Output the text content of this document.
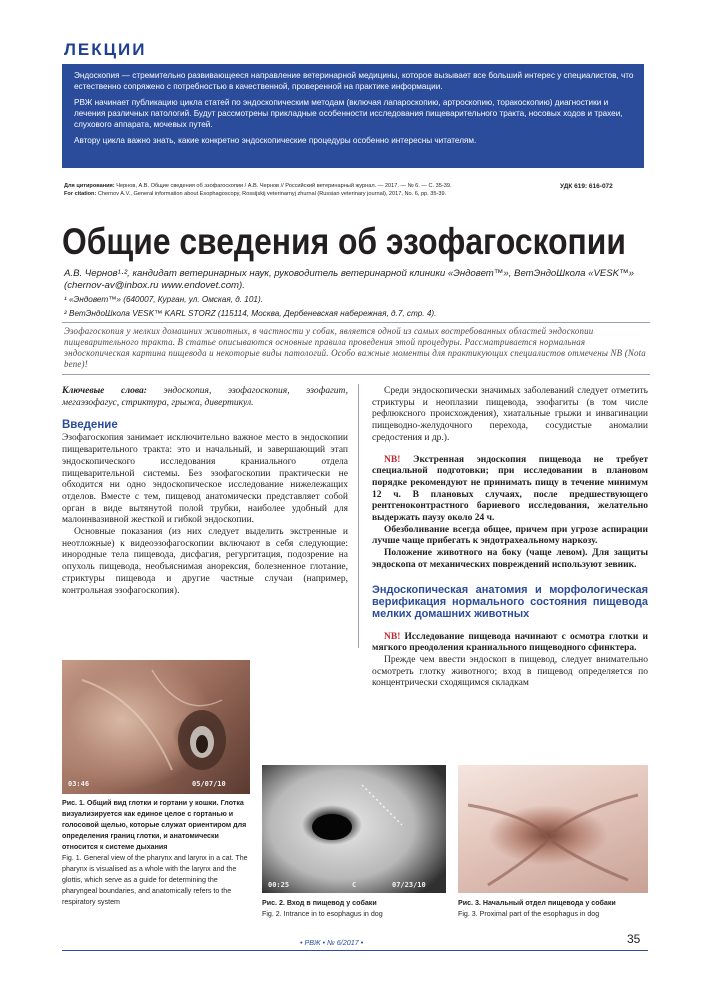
ЛЕКЦИИ

Эндоскопия — стремительно развивающееся направление ветеринарной медицины, которое вызывает все больший интерес у специалистов, что естественно сопряжено с потребностью в качественной, проверенной на практике информации.

РВЖ начинает публикацию цикла статей по эндоскопическим методам (включая лапароскопию, артроскопию, торакоскопию) диагностики и лечения различных патологий. Будут рассмотрены прикладные особенности исследования пищеварительного тракта, носовых ходов и трахеи, слухового аппарата, мочевых путей.

Автору цикла важно знать, какие конкретно эндоскопические процедуры особенно интересны читателям.

Для цитирования: Чернов, А.В. Общие сведения об эзофагоскопии / А.В. Чернов // Российский ветеринарный журнал. — 2017. — № 6. — С. 35-39.
For citation: Chernov A.V., General information about Esophagoscopy, Rossijskij veterinarnyj zhurnal (Russian veterinary journal), 2017, No. 6, pp. 35-39.
УДК 619: 616-072
Общие сведения об эзофагоскопии

А.В. Чернов¹·², кандидат ветеринарных наук, руководитель ветеринарной клиники «Эндовет™», ВетЭндоШкола «VESK™» (chernov-av@inbox.ru www.endovet.com).

¹ «Эндовет™» (640007, Курган, ул. Омская, д. 101).

² ВетЭндоШкола VESK™ KARL STORZ (115114, Москва, Дербеневская набережная, д.7, стр. 4).

Эзофагоскопия у мелких домашних животных, в частности у собак, является одной из самых востребованных областей эндоскопии пищеварительного тракта. В статье описываются основные правила проведения этой процедуры. Рассматривается нормальная эндоскопическая картина пищевода и некоторые виды патологий. Особо важные моменты для практикующих специалистов отмечены NB (Nota bene)!

Ключевые слова: эндоскопия, эзофагоскопия, эзофагит, мегаэзофагус, стриктура, грыжа, дивертикул.

Введение

Эзофагоскопия занимает исключительно важное место в эндоскопии пищеварительного тракта: это и начальный, и завершающий этап эндоскопического исследования краниального отдела пищеварительной системы. Без эзофагоскопии практически не обходится ни одно эндоскопическое исследование нижележащих отделов. Вместе с тем, пищевод анатомически представляет собой орган в виде вытянутой полой трубки, наиболее удобный для малоинвазивной жесткой и гибкой эндоскопии.

Основные показания (из них следует выделить экстренные и неотложные) к видеоэзофагоскопии включают в себя следующие: инородные тела пищевода, дисфагия, регургитация, подозрение на опухоль пищевода, необъяснимая анорексия, болезненное глотание, стриктуры пищевода и другие частные случаи (например, контрольная эзофагоскопия).

Среди эндоскопически значимых заболеваний следует отметить стриктуры и неоплазии пищевода, эзофагиты (в том числе рефлюксного происхождения), хиатальные грыжи и инвагинации пищеводно-желудочного перехода, сосудистые аномалии средостения и др.).

NB! Экстренная эндоскопия пищевода не требует специальной подготовки; при исследовании в плановом порядке рекомендуют не принимать пищу в течение минимум 12 ч. В плановых случаях, после предшествующего рентгеноконтрастного бариевого исследования, желательно выдержать паузу около 24 ч.

Обезболивание всегда общее, причем при угрозе аспирации лучше чаще прибегать к эндотрахеальному наркозу.

Положение животного на боку (чаще левом). Для защиты эндоскопа от механических повреждений используют зевник.

Эндоскопическая анатомия и морфологическая верификация нормального состояния пищевода мелких домашних животных

NB! Исследование пищевода начинают с осмотра глотки и мягкого преодоления краниального пищеводного сфинктера.

Прежде чем ввести эндоскоп в пищевод, следует внимательно осмотреть глотку животного; вход в пищевод определяется по концентрически сходящимся складкам

03:46	05/07/10

Рис. 1. Общий вид глотки и гортани у кошки. Глотка визуализируется как единое целое с гортанью и голосовой щелью, которые служат ориентиром для определения границ глотки, и анатомически относится к системе дыхания

Fig. 1. General view of the pharynx and larynx in a cat. The pharynx is visualised as a whole with the larynx and the glottis, which serve as a guide for determining the pharyngeal boundaries, and anatomically refers to the respiratory system

00:25	C	07/23/10

Рис. 2. Вход в пищевод у собаки

Fig. 2. Intrance in to esophagus in dog

Рис. 3. Начальный отдел пищевода у собаки

Fig. 3. Proximal part of the esophagus in dog

• РВЖ • № 6/2017 •	35
